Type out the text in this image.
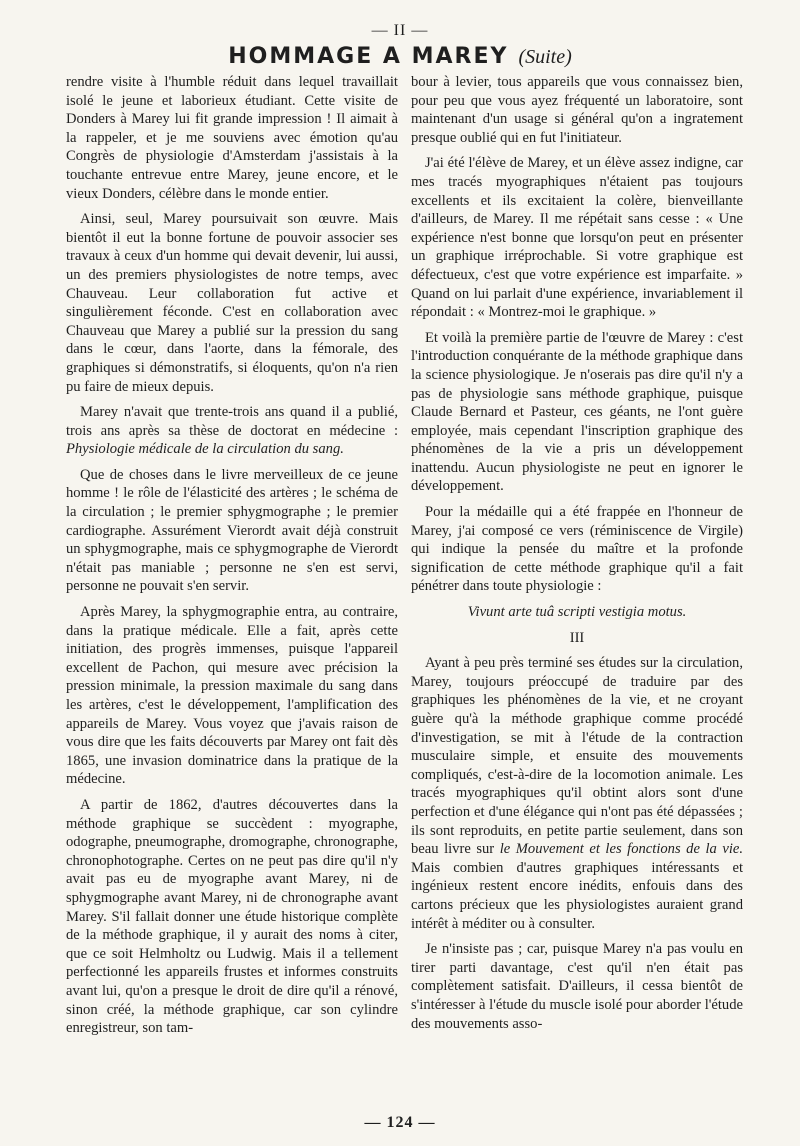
— II —
HOMMAGE A MAREY (Suite)

rendre visite à l'humble réduit dans lequel travaillait isolé le jeune et laborieux étudiant. Cette visite de Donders à Marey lui fit grande impression ! Il aimait à la rappeler, et je me souviens avec émotion qu'au Congrès de physiologie d'Amsterdam j'assistais à la touchante entrevue entre Marey, jeune encore, et le vieux Donders, célèbre dans le monde entier.

Ainsi, seul, Marey poursuivait son œuvre. Mais bientôt il eut la bonne fortune de pouvoir associer ses travaux à ceux d'un homme qui devait devenir, lui aussi, un des premiers physiologistes de notre temps, avec Chauveau. Leur collaboration fut active et singulièrement féconde. C'est en collaboration avec Chauveau que Marey a publié sur la pression du sang dans le cœur, dans l'aorte, dans la fémorale, des graphiques si démonstratifs, si éloquents, qu'on n'a rien pu faire de mieux depuis.

Marey n'avait que trente-trois ans quand il a publié, trois ans après sa thèse de doctorat en médecine : Physiologie médicale de la circulation du sang.

Que de choses dans le livre merveilleux de ce jeune homme ! le rôle de l'élasticité des artères ; le schéma de la circulation ; le premier sphygmographe ; le premier cardiographe. Assurément Vierordt avait déjà construit un sphygmographe, mais ce sphygmographe de Vierordt n'était pas maniable ; personne ne s'en est servi, personne ne pouvait s'en servir.

Après Marey, la sphygmographie entra, au contraire, dans la pratique médicale. Elle a fait, après cette initiation, des progrès immenses, puisque l'appareil excellent de Pachon, qui mesure avec précision la pression minimale, la pression maximale du sang dans les artères, c'est le développement, l'amplification des appareils de Marey. Vous voyez que j'avais raison de vous dire que les faits découverts par Marey ont fait dès 1865, une invasion dominatrice dans la pratique de la médecine.

A partir de 1862, d'autres découvertes dans la méthode graphique se succèdent : myographe, odographe, pneumographe, dromographe, chronographe, chronophotographe. Certes on ne peut pas dire qu'il n'y avait pas eu de myographe avant Marey, ni de sphygmographe avant Marey, ni de chronographe avant Marey. S'il fallait donner une étude historique complète de la méthode graphique, il y aurait des noms à citer, que ce soit Helmholtz ou Ludwig. Mais il a tellement perfectionné les appareils frustes et informes construits avant lui, qu'on a presque le droit de dire qu'il a rénové, sinon créé, la méthode graphique, car son cylindre enregistreur, son tam-

bour à levier, tous appareils que vous connaissez bien, pour peu que vous ayez fréquenté un laboratoire, sont maintenant d'un usage si général qu'on a ingratement presque oublié qui en fut l'initiateur.

J'ai été l'élève de Marey, et un élève assez indigne, car mes tracés myographiques n'étaient pas toujours excellents et ils excitaient la colère, bienveillante d'ailleurs, de Marey. Il me répétait sans cesse : « Une expérience n'est bonne que lorsqu'on peut en présenter un graphique irréprochable. Si votre graphique est défectueux, c'est que votre expérience est imparfaite. » Quand on lui parlait d'une expérience, invariablement il répondait : « Montrez-moi le graphique. »

Et voilà la première partie de l'œuvre de Marey : c'est l'introduction conquérante de la méthode graphique dans la science physiologique. Je n'oserais pas dire qu'il n'y a pas de physiologie sans méthode graphique, puisque Claude Bernard et Pasteur, ces géants, ne l'ont guère employée, mais cependant l'inscription graphique des phénomènes de la vie a pris un développement inattendu. Aucun physiologiste ne peut en ignorer le développement.

Pour la médaille qui a été frappée en l'honneur de Marey, j'ai composé ce vers (réminiscence de Virgile) qui indique la pensée du maître et la profonde signification de cette méthode graphique qu'il a fait pénétrer dans toute physiologie :

Vivunt arte tuâ scripti vestigia motus.

III

Ayant à peu près terminé ses études sur la circulation, Marey, toujours préoccupé de traduire par des graphiques les phénomènes de la vie, et ne croyant guère qu'à la méthode graphique comme procédé d'investigation, se mit à l'étude de la contraction musculaire simple, et ensuite des mouvements compliqués, c'est-à-dire de la locomotion animale. Les tracés myographiques qu'il obtint alors sont d'une perfection et d'une élégance qui n'ont pas été dépassées ; ils sont reproduits, en petite partie seulement, dans son beau livre sur le Mouvement et les fonctions de la vie. Mais combien d'autres graphiques intéressants et ingénieux restent encore inédits, enfouis dans des cartons précieux que les physiologistes auraient grand intérêt à méditer ou à consulter.

Je n'insiste pas ; car, puisque Marey n'a pas voulu en tirer parti davantage, c'est qu'il n'en était pas complètement satisfait. D'ailleurs, il cessa bientôt de s'intéresser à l'étude du muscle isolé pour aborder l'étude des mouvements asso-

— 124 —
